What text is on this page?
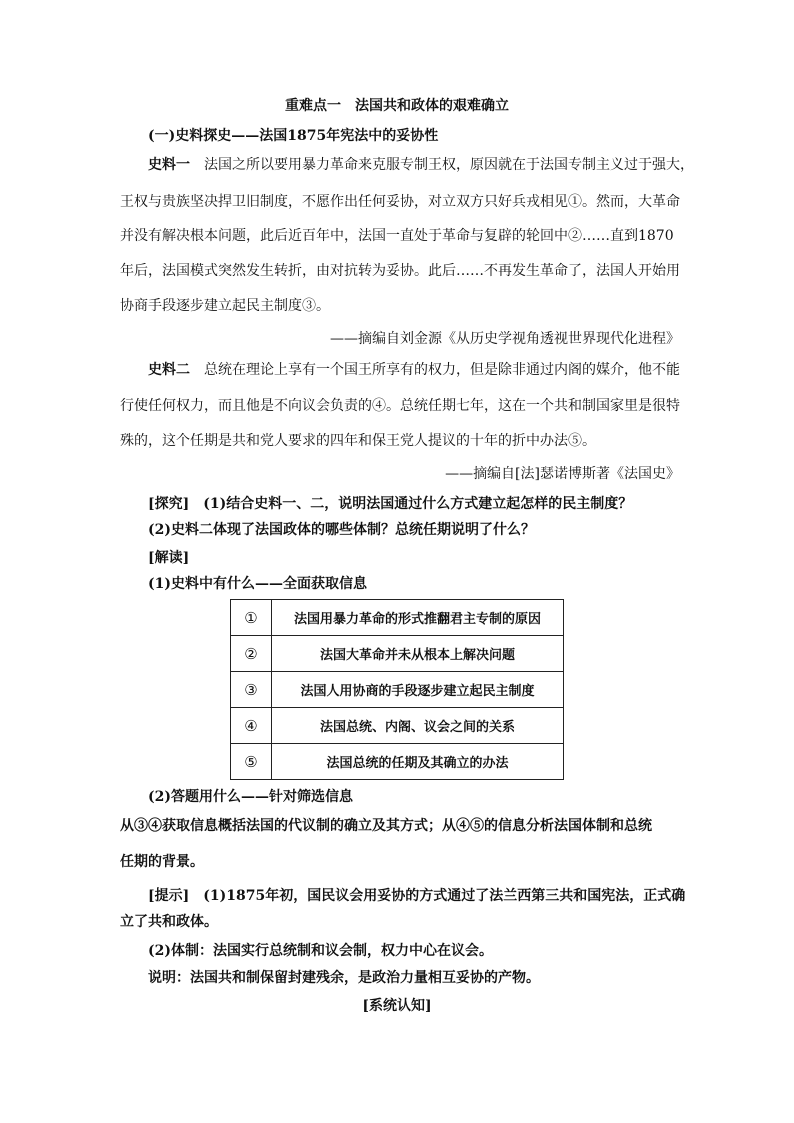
重难点一　法国共和政体的艰难确立
(一)史料探史——法国1875年宪法中的妥协性
史料一　 法国之所以要用暴力革命来克服专制王权，原因就在于法国专制主义过于强大，
王权与贵族坚决捍卫旧制度，不愿作出任何妥协，对立双方只好兵戎相见①。然而，大革命
并没有解决根本问题，此后近百年中，法国一直处于革命与复辟的轮回中②……直到1870
年后，法国模式突然发生转折，由对抗转为妥协。此后……不再发生革命了，法国人开始用
协商手段逐步建立起民主制度③。
——摘编自刘金源《从历史学视角透视世界现代化进程》
史料二　 总统在理论上享有一个国王所享有的权力，但是除非通过内阁的媒介，他不能
行使任何权力，而且他是不向议会负责的④。总统任期七年，这在一个共和制国家里是很特
殊的，这个任期是共和党人要求的四年和保王党人提议的十年的折中办法⑤。
——摘编自[法]瑟诺博斯著《法国史》
[探究]　(1)结合史料一、二，说明法国通过什么方式建立起怎样的民主制度？
(2)史料二体现了法国政体的哪些体制？总统任期说明了什么？
[解读]
(1)史料中有什么——全面获取信息
①	法国用暴力革命的形式推翻君主专制的原因
②	法国大革命并未从根本上解决问题
③	法国人用协商的手段逐步建立起民主制度
④	法国总统、内阁、议会之间的关系
⑤	法国总统的任期及其确立的办法
(2)答题用什么——针对筛选信息
从③④获取信息概括法国的代议制的确立及其方式；从④⑤的信息分析法国体制和总统
任期的背景。
[提示]　(1)1875年初，国民议会用妥协的方式通过了法兰西第三共和国宪法，正式确
立了共和政体。
(2)体制：法国实行总统制和议会制，权力中心在议会。
说明：法国共和制保留封建残余，是政治力量相互妥协的产物。
[系统认知]
